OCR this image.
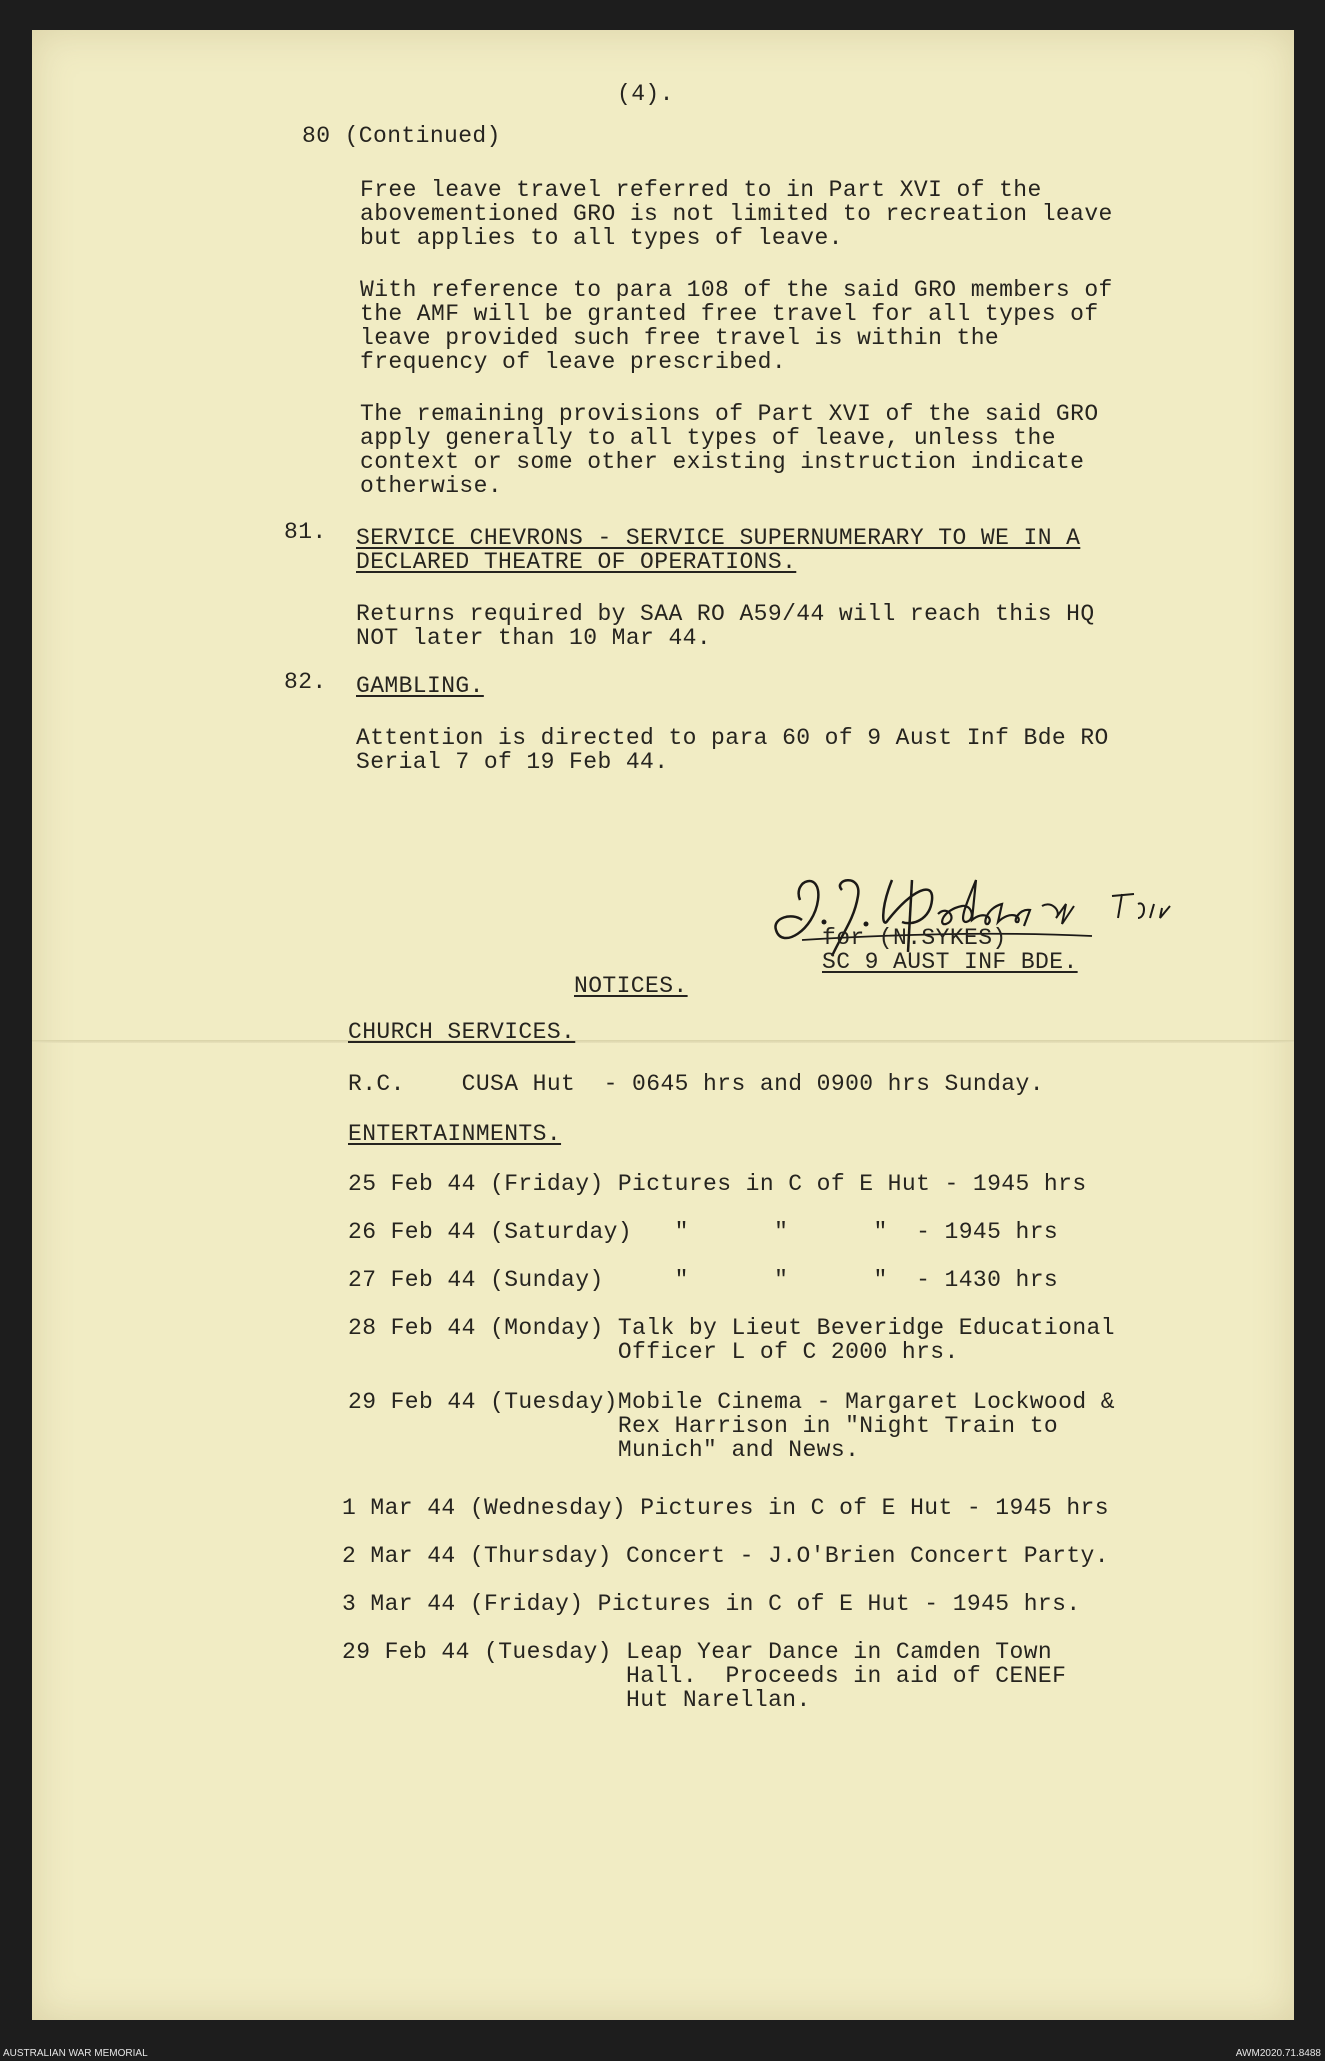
(4).
80 (Continued)
Free leave travel referred to in Part XVI of the
abovementioned GRO is not limited to recreation leave
but applies to all types of leave.
With reference to para 108 of the said GRO members of
the AMF will be granted free travel for all types of
leave provided such free travel is within the
frequency of leave prescribed.
The remaining provisions of Part XVI of the said GRO
apply generally to all types of leave, unless the
context or some other existing instruction indicate
otherwise.
81. SERVICE CHEVRONS - SERVICE SUPERNUMERARY TO WE IN A
DECLARED THEATRE OF OPERATIONS.
Returns required by SAA RO A59/44 will reach this HQ
NOT later than 10 Mar 44.
82. GAMBLING.
Attention is directed to para 60 of 9 Aust Inf Bde RO
Serial 7 of 19 Feb 44.
for (N.SYKES)
SC 9 AUST INF BDE.
NOTICES.
CHURCH SERVICES.
R.C.    CUSA Hut  - 0645 hrs and 0900 hrs Sunday.
ENTERTAINMENTS.
25 Feb 44 (Friday) Pictures in C of E Hut - 1945 hrs
26 Feb 44 (Saturday)   "      "      "  - 1945 hrs
27 Feb 44 (Sunday)     "      "      "  - 1430 hrs
28 Feb 44 (Monday) Talk by Lieut Beveridge Educational
Officer L of C 2000 hrs.
29 Feb 44 (Tuesday)Mobile Cinema - Margaret Lockwood &
Rex Harrison in "Night Train to
Munich" and News.
1 Mar 44 (Wednesday) Pictures in C of E Hut - 1945 hrs
2 Mar 44 (Thursday) Concert - J.O'Brien Concert Party.
3 Mar 44 (Friday) Pictures in C of E Hut - 1945 hrs.
29 Feb 44 (Tuesday) Leap Year Dance in Camden Town
Hall.  Proceeds in aid of CENEF
Hut Narellan.
AUSTRALIAN WAR MEMORIAL	AWM2020.71.8488
